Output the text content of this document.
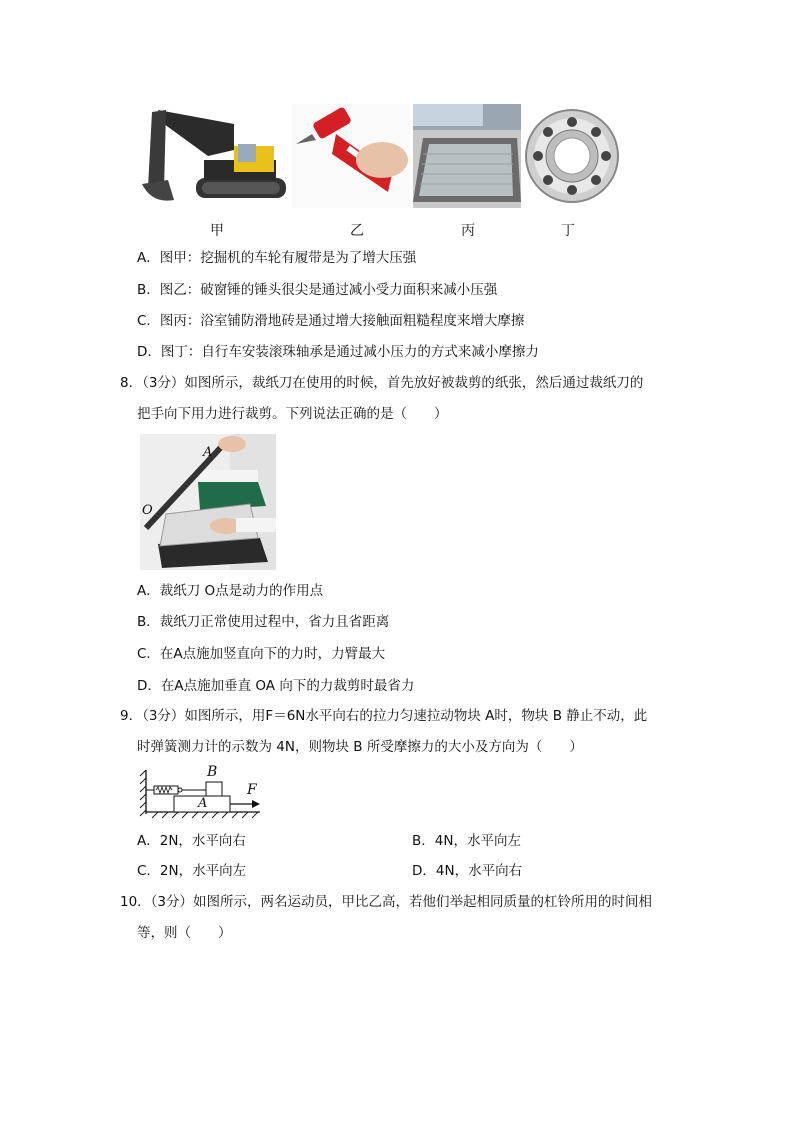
甲	乙	丙	丁
A．图甲：挖掘机的车轮有履带是为了增大压强
B．图乙：破窗锤的锤头很尖是通过减小受力面积来减小压强
C．图丙：浴室铺防滑地砖是通过增大接触面粗糙程度来增大摩擦
D．图丁：自行车安装滚珠轴承是通过减小压力的方式来减小摩擦力
8．（3分）如图所示，裁纸刀在使用的时候，首先放好被裁剪的纸张，然后通过裁纸刀的
把手向下用力进行裁剪。下列说法正确的是（　　）
A
O
A．裁纸刀 O点是动力的作用点
B．裁纸刀正常使用过程中，省力且省距离
C．在A点施加竖直向下的力时，力臂最大
D．在A点施加垂直 OA 向下的力裁剪时最省力
9．（3分）如图所示，用F＝6N水平向右的拉力匀速拉动物块 A时，物块 B 静止不动，此
时弹簧测力计的示数为 4N，则物块 B 所受摩擦力的大小及方向为（　　）
B
A
F
A．2N，水平向右	B．4N，水平向左
C．2N，水平向左	D．4N，水平向右
10．（3分）如图所示，两名运动员，甲比乙高，若他们举起相同质量的杠铃所用的时间相
等，则（　　）
